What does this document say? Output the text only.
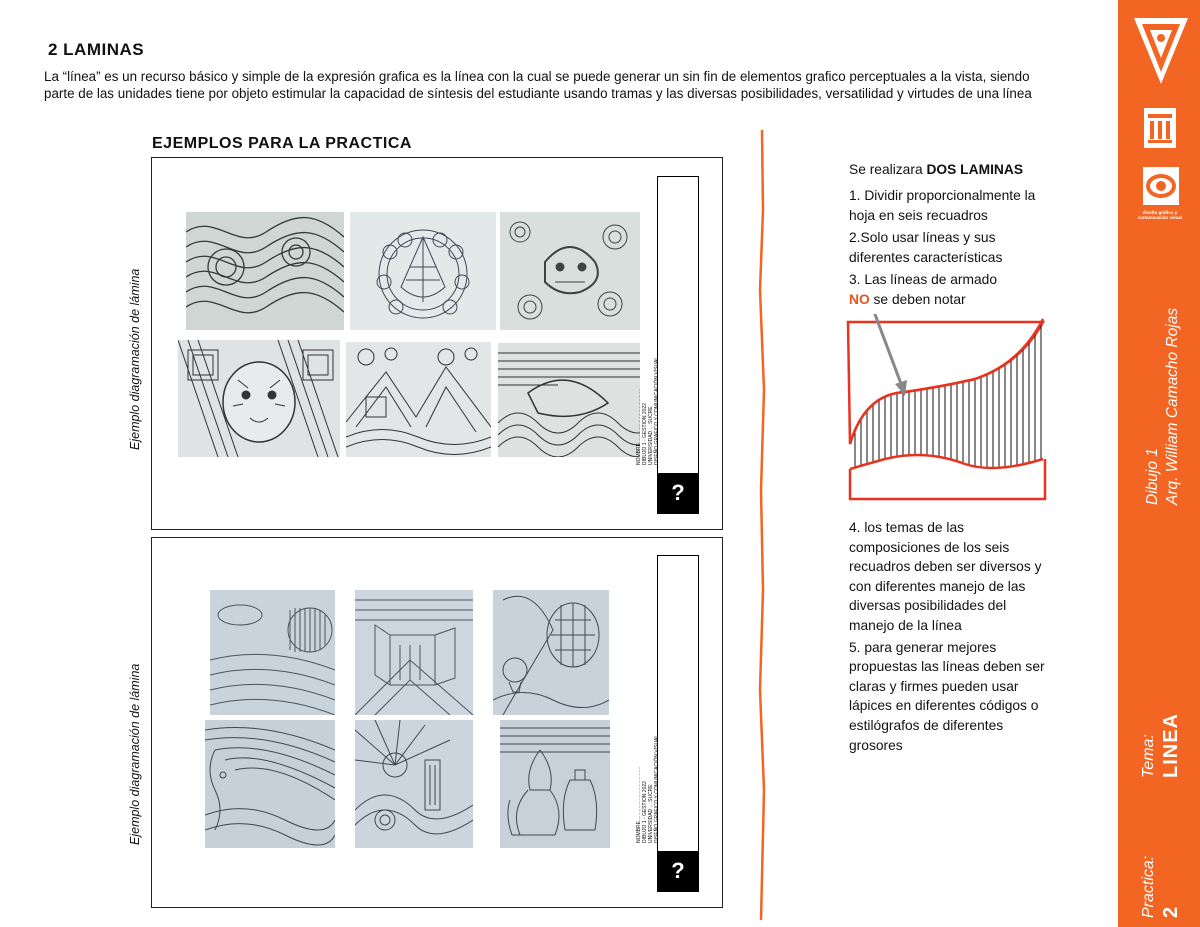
2 LAMINAS
La “línea” es un recurso básico y simple de la expresión grafica es la línea con la cual se puede generar un sin fin de elementos grafico perceptuales a la vista, siendo parte de las unidades tiene por objeto estimular la capacidad de síntesis del estudiante usando tramas y las diversas posibilidades, versatilidad y virtudes de una línea
EJEMPLOS PARA LA PRACTICA
Ejemplo diagramación de lámina	NOMBRE....................................... DIBUJO 1 - GESTION 2022 UNIVERSIDAD ... SUCRE DISEÑO GRAFICO Y COMUNICACIÓN VISUAL
?
Ejemplo diagramación de lámina	NOMBRE....................................... DIBUJO 1 - GESTION 2022 UNIVERSIDAD ... SUCRE DISEÑO GRAFICO Y COMUNICACIÓN VISUAL
?

Se realizara DOS LAMINAS

1. Dividir proporcionalmente la hoja en seis recuadros

2.Solo usar líneas y sus diferentes características

3. Las líneas de armado
NO se deben notar

4. los temas de las composiciones de los seis recuadros deben ser diversos y con diferentes manejo de las diversas posibilidades del manejo de la línea

5. para generar mejores propuestas las líneas deben ser claras y firmes pueden usar lápices en diferentes códigos o estilógrafos de diferentes grosores

diseño gráfico y comunicación visual
Dibujo 1 Arq. William Camacho Rojas
Tema: LINEA
Practica: 2
